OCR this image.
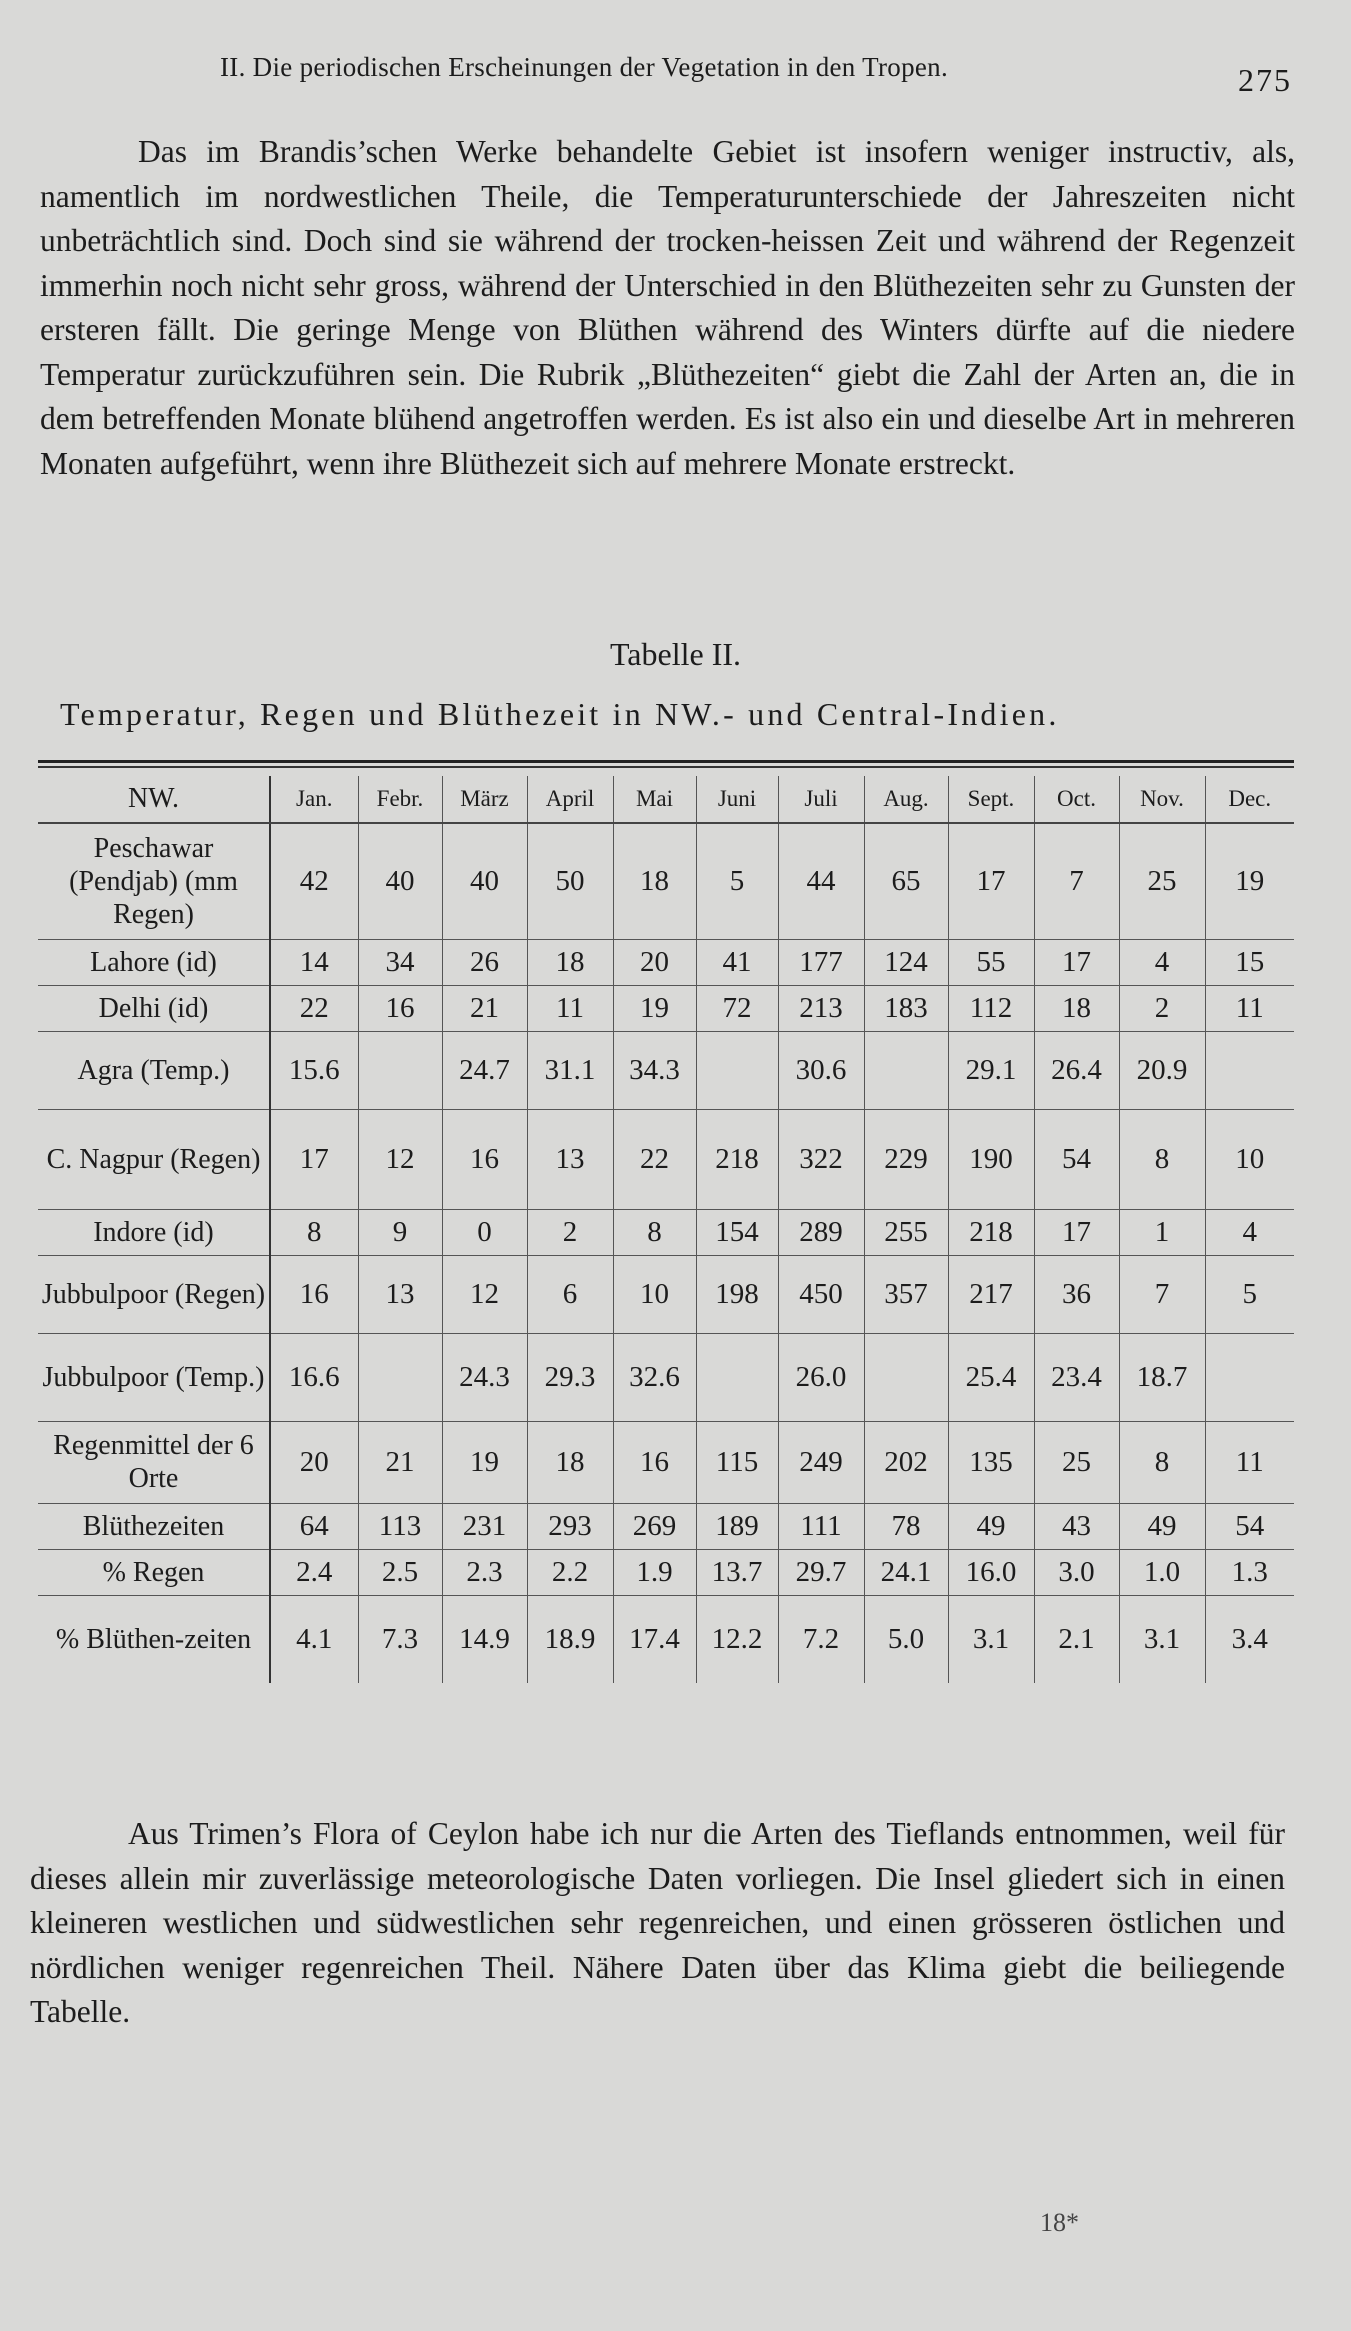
II. Die periodischen Erscheinungen der Vegetation in den Tropen.	275

Das im Brandis’schen Werke behandelte Gebiet ist insofern weniger instructiv, als, namentlich im nordwestlichen Theile, die Temperaturunterschiede der Jahreszeiten nicht unbeträchtlich sind. Doch sind sie während der trocken-heissen Zeit und während der Regenzeit immerhin noch nicht sehr gross, während der Unterschied in den Blüthezeiten sehr zu Gunsten der ersteren fällt. Die geringe Menge von Blüthen während des Winters dürfte auf die niedere Temperatur zurückzuführen sein. Die Rubrik „Blüthezeiten“ giebt die Zahl der Arten an, die in dem betreffenden Monate blühend angetroffen werden. Es ist also ein und dieselbe Art in mehreren Monaten aufgeführt, wenn ihre Blüthezeit sich auf mehrere Monate erstreckt.

Tabelle II.
Temperatur, Regen und Blüthezeit in NW.- und Central-Indien.
NW.	Jan.	Febr.	März	April	Mai	Juni	Juli	Aug.	Sept.	Oct.	Nov.	Dec.
Peschawar (Pendjab) (mm Regen)	42	40	40	50	18	5	44	65	17	7	25	19
Lahore (id)	14	34	26	18	20	41	177	124	55	17	4	15
Delhi (id)	22	16	21	11	19	72	213	183	112	18	2	11
Agra (Temp.)	15.6		24.7	31.1	34.3		30.6		29.1	26.4	20.9	
C. Nagpur (Regen)	17	12	16	13	22	218	322	229	190	54	8	10
Indore (id)	8	9	0	2	8	154	289	255	218	17	1	4
Jubbulpoor (Regen)	16	13	12	6	10	198	450	357	217	36	7	5
Jubbulpoor (Temp.)	16.6		24.3	29.3	32.6		26.0		25.4	23.4	18.7	
Regenmittel der 6 Orte	20	21	19	18	16	115	249	202	135	25	8	11
Blüthezeiten	64	113	231	293	269	189	111	78	49	43	49	54
% Regen	2.4	2.5	2.3	2.2	1.9	13.7	29.7	24.1	16.0	3.0	1.0	1.3
% Blüthen-zeiten	4.1	7.3	14.9	18.9	17.4	12.2	7.2	5.0	3.1	2.1	3.1	3.4

Aus Trimen’s Flora of Ceylon habe ich nur die Arten des Tieflands entnommen, weil für dieses allein mir zuverlässige meteorologische Daten vorliegen. Die Insel gliedert sich in einen kleineren westlichen und südwestlichen sehr regenreichen, und einen grösseren östlichen und nördlichen weniger regenreichen Theil. Nähere Daten über das Klima giebt die beiliegende Tabelle.

18*
